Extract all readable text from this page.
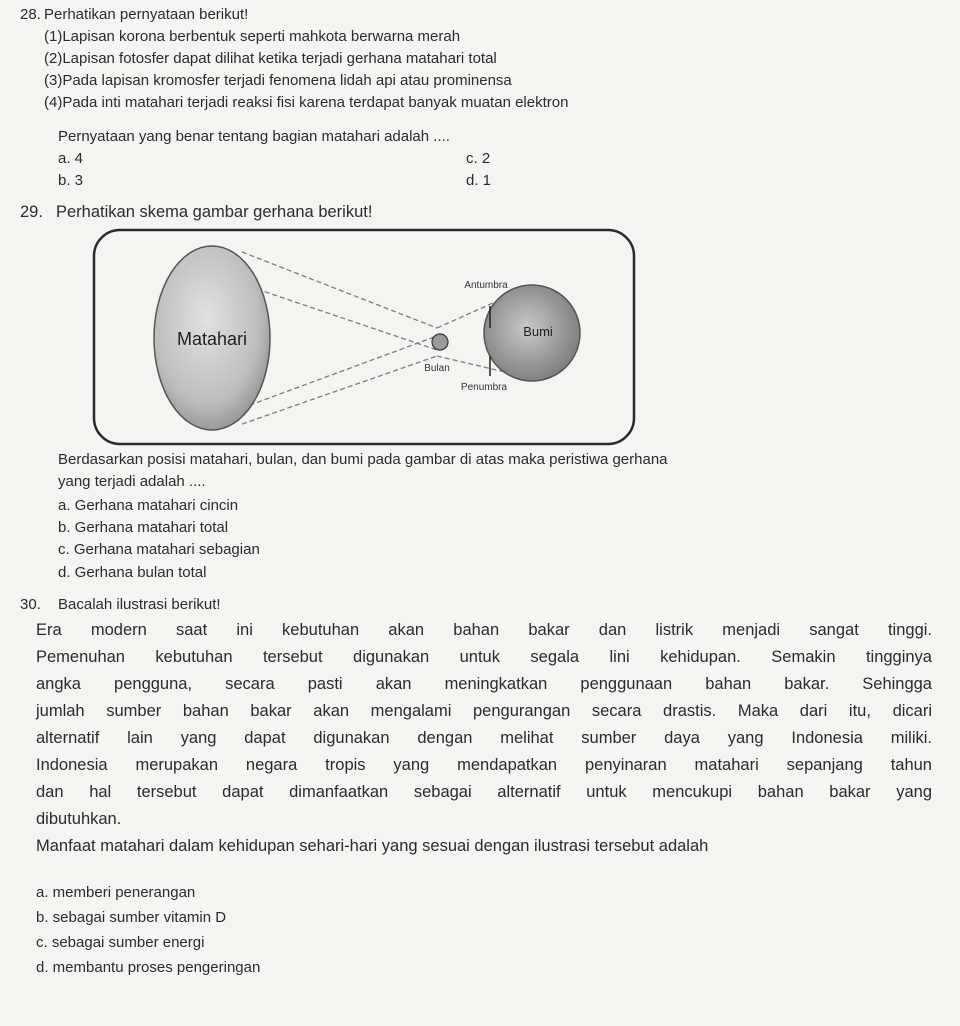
28. Perhatikan pernyataan berikut!
(1)Lapisan korona berbentuk seperti mahkota berwarna merah
(2)Lapisan fotosfer dapat dilihat ketika terjadi gerhana matahari total
(3)Pada lapisan kromosfer terjadi fenomena lidah api atau prominensa
(4)Pada inti matahari terjadi reaksi fisi karena terdapat banyak muatan elektron
Pernyataan yang benar tentang bagian matahari adalah ....
a. 4
b. 3
c. 2
d. 1
29. Perhatikan skema gambar gerhana berikut!
Matahari	Bumi
Bulan
Antumbra
Penumbra
Berdasarkan posisi matahari, bulan, dan bumi pada gambar di atas maka peristiwa gerhana
yang terjadi adalah ....
a. Gerhana matahari cincin
b. Gerhana matahari total
c. Gerhana matahari sebagian
d. Gerhana bulan total
30. Bacalah ilustrasi berikut!
Era modern saat ini kebutuhan akan bahan bakar dan listrik menjadi sangat tinggi.
Pemenuhan kebutuhan tersebut digunakan untuk segala lini kehidupan. Semakin tingginya
angka pengguna, secara pasti akan meningkatkan penggunaan bahan bakar. Sehingga
jumlah sumber bahan bakar akan mengalami pengurangan secara drastis. Maka dari itu, dicari
alternatif lain yang dapat digunakan dengan melihat sumber daya yang Indonesia miliki.
Indonesia merupakan negara tropis yang mendapatkan penyinaran matahari sepanjang tahun
dan hal tersebut dapat dimanfaatkan sebagai alternatif untuk mencukupi bahan bakar yang
dibutuhkan.
Manfaat matahari dalam kehidupan sehari-hari yang sesuai dengan ilustrasi tersebut adalah
a. memberi penerangan
b. sebagai sumber vitamin D
c. sebagai sumber energi
d. membantu proses pengeringan
